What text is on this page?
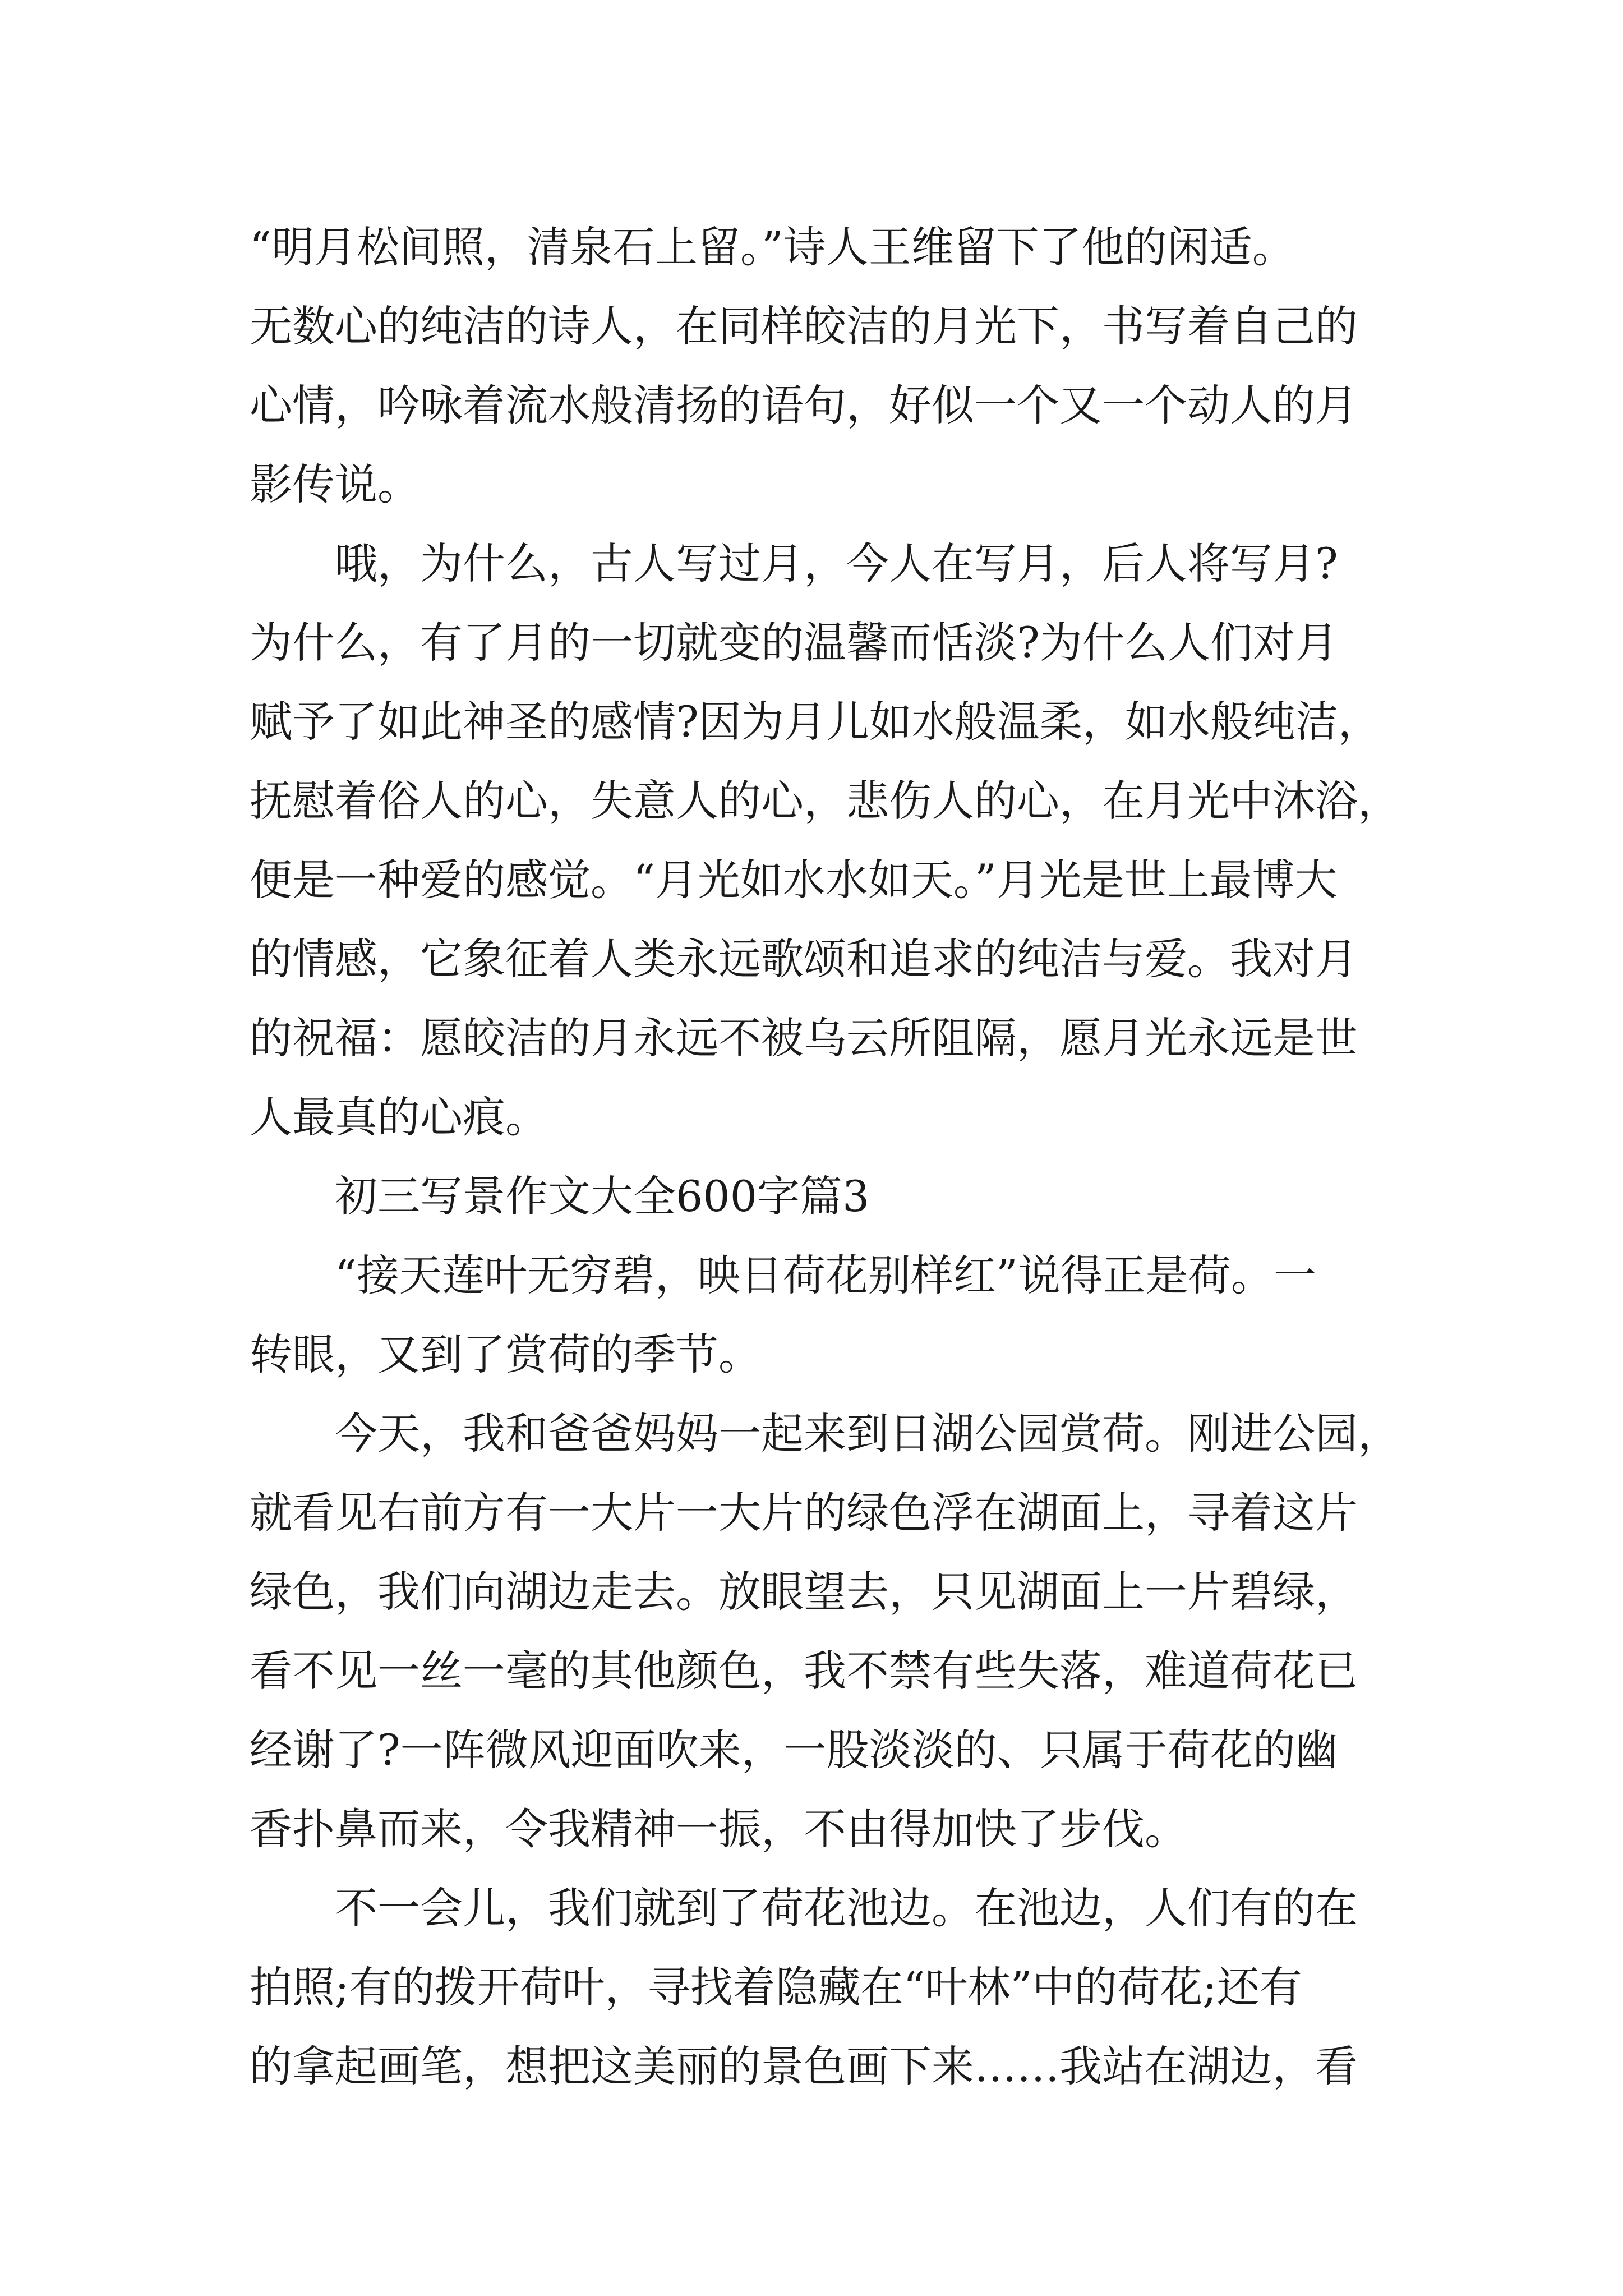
“明月松间照，清泉石上留。”诗人王维留下了他的闲适。
无数心的纯洁的诗人，在同样皎洁的月光下，书写着自己的
心情，吟咏着流水般清扬的语句，好似一个又一个动人的月
影传说。
哦，为什么，古人写过月，今人在写月，后人将写月?
为什么，有了月的一切就变的温馨而恬淡?为什么人们对月
赋予了如此神圣的感情?因为月儿如水般温柔，如水般纯洁，
抚慰着俗人的心，失意人的心，悲伤人的心，在月光中沐浴，
便是一种爱的感觉。“月光如水水如天。”月光是世上最博大
的情感，它象征着人类永远歌颂和追求的纯洁与爱。我对月
的祝福：愿皎洁的月永远不被乌云所阻隔，愿月光永远是世
人最真的心痕。
初三写景作文大全600字篇3
“接天莲叶无穷碧，映日荷花别样红”说得正是荷。一
转眼，又到了赏荷的季节。
今天，我和爸爸妈妈一起来到日湖公园赏荷。刚进公园，
就看见右前方有一大片一大片的绿色浮在湖面上，寻着这片
绿色，我们向湖边走去。放眼望去，只见湖面上一片碧绿，
看不见一丝一毫的其他颜色，我不禁有些失落，难道荷花已
经谢了?一阵微风迎面吹来，一股淡淡的、只属于荷花的幽
香扑鼻而来，令我精神一振，不由得加快了步伐。
不一会儿，我们就到了荷花池边。在池边，人们有的在
拍照;有的拨开荷叶，寻找着隐藏在“叶林”中的荷花;还有
的拿起画笔，想把这美丽的景色画下来……我站在湖边，看
